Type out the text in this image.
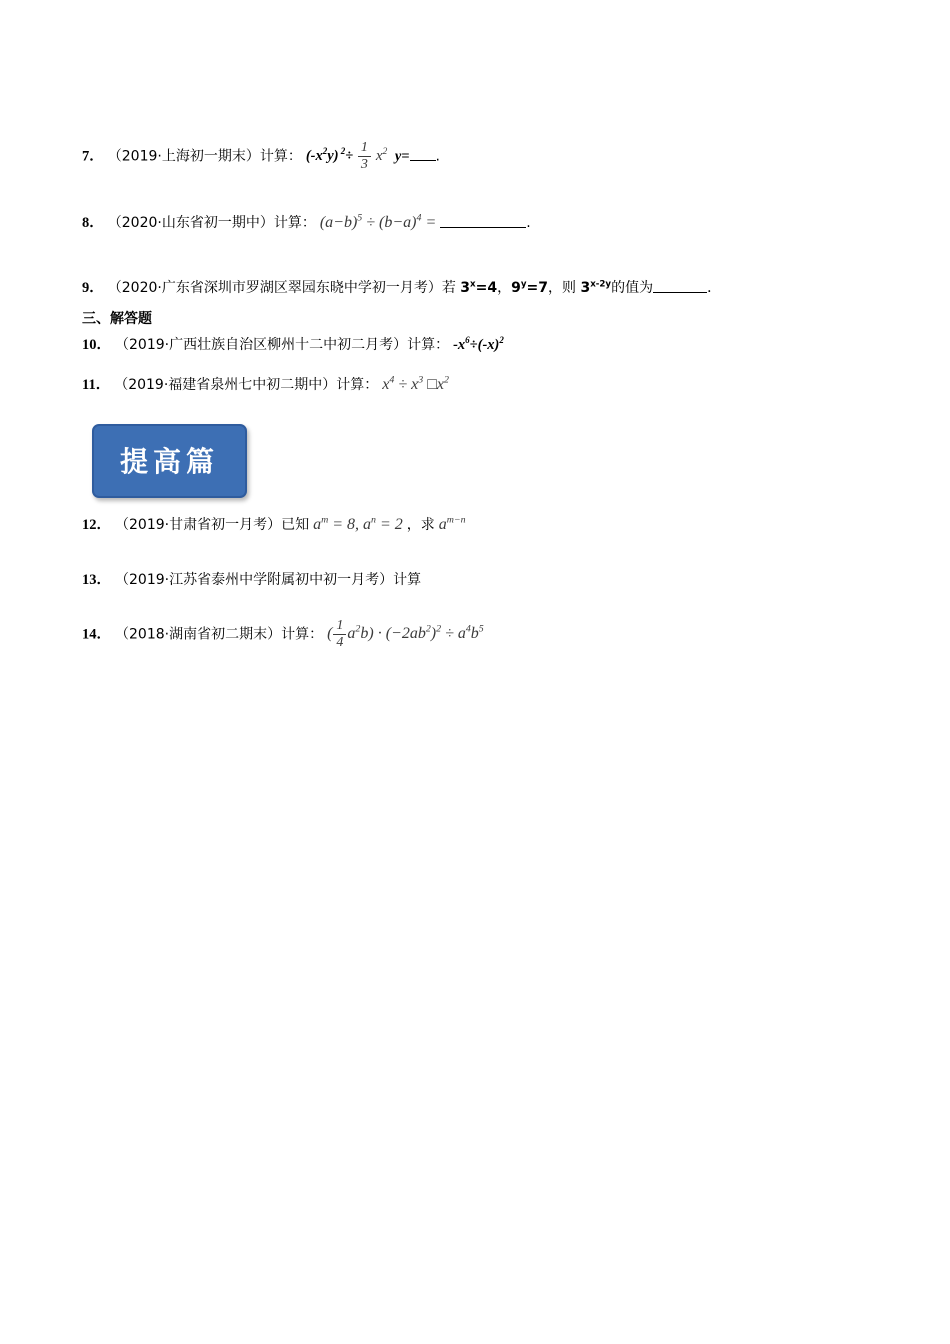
7． （2019·上海初一期末）计算： $(-x^2y)$ $^2\div \frac{1}{3} x^2$ y= .
8． （2020·山东省初一期中）计算： $(a-b)^5 \div (b-a)^4$ =	.
9． （2020·广东省深圳市罗湖区翠园东晓中学初一月考）若 $3^x=4$，$9^y=7$，则 $3^{x-2y}$的值为	．
三、解答题
10． （2019·广西壮族自治区柳州十二中初二月考）计算： $-x^6\div(-x)^2$
11． （2019·福建省泉州七中初二期中）计算： $x^4 \div x^3$ $□x^2$
提高篇
12． （2019·甘肃省初一月考）已知 $a^m = 8$, $a^n = 2$ ，求 $a^{m-n}$
13． （2019·江苏省泰州中学附属初中初一月考）计算
14． （2018·湖南省初二期末）计算： ( $\frac{1}{4} a^2b) \cdot (-2ab^2)^2 \div a^4b^5$
